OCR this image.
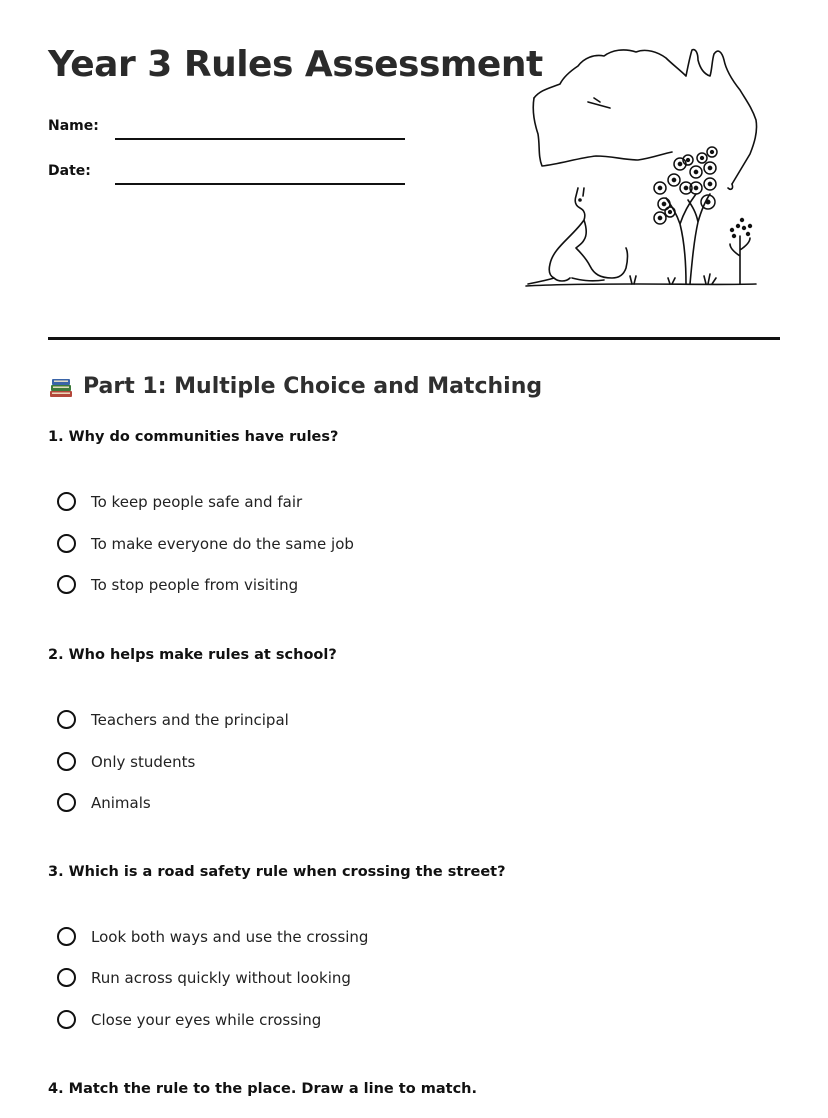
Year 3 Rules Assessment
Name:
Date:
Part 1: Multiple Choice and Matching
1. Why do communities have rules?
To keep people safe and fair
To make everyone do the same job
To stop people from visiting
2. Who helps make rules at school?
Teachers and the principal
Only students
Animals
3. Which is a road safety rule when crossing the street?
Look both ways and use the crossing
Run across quickly without looking
Close your eyes while crossing
4. Match the rule to the place. Draw a line to match.
